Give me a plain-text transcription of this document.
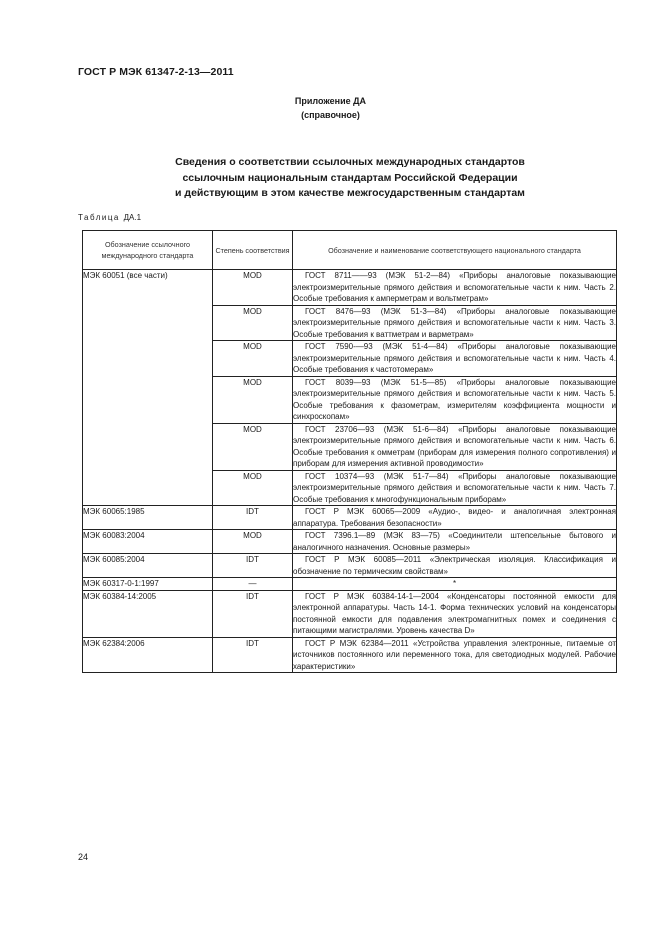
ГОСТ Р МЭК 61347-2-13—2011
Приложение ДА
(справочное)
Сведения о соответствии ссылочных международных стандартов
ссылочным национальным стандартам Российской Федерации
и действующим в этом качестве межгосударственным стандартам
Таблица ДА.1
Обозначение ссылочного международного стандарта	Степень соответствия	Обозначение и наименование соответствующего национального стандарта
МЭК 60051 (все части)	MOD	ГОСТ 8711——93 (МЭК 51-2—84) «Приборы аналоговые показывающие электроизмерительные прямого действия и вспомогательные части к ним. Часть 2. Особые требования к амперметрам и вольтметрам»
	MOD	ГОСТ 8476—93 (МЭК 51-3—84) «Приборы аналоговые показывающие электроизмерительные прямого действия и вспомогательные части к ним. Часть 3. Особые требования к ваттметрам и варметрам»
	MOD	ГОСТ 7590-—93 (МЭК 51-4—84) «Приборы аналоговые показывающие электроизмерительные прямого действия и вспомогательные части к ним. Часть 4. Особые требования к частотомерам»
	MOD	ГОСТ 8039—93 (МЭК 51-5—85) «Приборы аналоговые показывающие электроизмерительные прямого действия и вспомогательные части к ним. Часть 5. Особые требования к фазометрам, измерителям коэффициента мощности и синхроскопам»
	MOD	ГОСТ 23706—93 (МЭК 51-6—84) «Приборы аналоговые показывающие электроизмерительные прямого действия и вспомогательные части к ним. Часть 6. Особые требования к омметрам (приборам для измерения полного сопротивления) и приборам для измерения активной проводимости»
	MOD	ГОСТ 10374—93 (МЭК 51-7—84) «Приборы аналоговые показывающие электроизмерительные прямого действия и вспомогательные части к ним. Часть 7. Особые требования к многофункциональным приборам»
МЭК 60065:1985	IDT	ГОСТ Р МЭК 60065—2009 «Аудио-, видео- и аналогичная электронная аппаратура. Требования безопасности»
МЭК 60083:2004	MOD	ГОСТ 7396.1—89 (МЭК 83—75) «Соединители штепсельные бытового и аналогичного назначения. Основные размеры»
МЭК 60085:2004	IDT	ГОСТ Р МЭК 60085—2011 «Электрическая изоляция. Классификация и обозначение по термическим свойствам»
МЭК 60317-0-1:1997	—	*
МЭК 60384-14:2005	IDT	ГОСТ Р МЭК 60384-14-1—2004 «Конденсаторы постоянной емкости для электронной аппаратуры. Часть 14-1. Форма технических условий на конденсаторы постоянной емкости для подавления электромагнитных помех и соединения с питающими магистралями. Уровень качества D»
МЭК 62384:2006	IDT	ГОСТ Р МЭК 62384—2011 «Устройства управления электронные, питаемые от источников постоянного или переменного тока, для светодиодных модулей. Рабочие характеристики»
24
